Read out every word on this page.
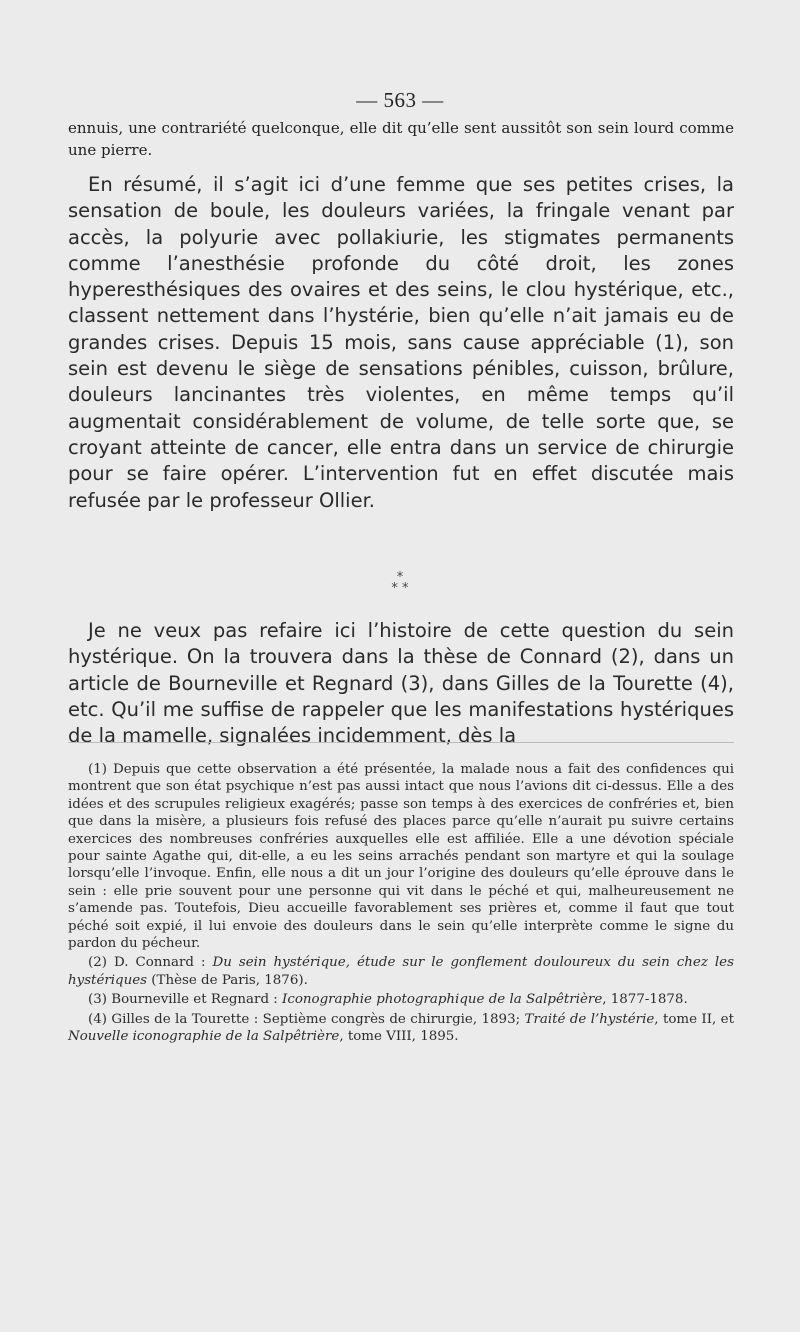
— 563 —

ennuis, une contrariété quelconque, elle dit qu’elle sent aussitôt son sein lourd comme une pierre.

En résumé, il s’agit ici d’une femme que ses petites crises, la sensation de boule, les douleurs variées, la fringale venant par accès, la polyurie avec pollakiurie, les stigmates permanents comme l’anesthésie profonde du côté droit, les zones hyperesthésiques des ovaires et des seins, le clou hystérique, etc., classent nettement dans l’hystérie, bien qu’elle n’ait jamais eu de grandes crises. Depuis 15 mois, sans cause appréciable (1), son sein est devenu le siège de sensations pénibles, cuisson, brûlure, douleurs lancinantes très violentes, en même temps qu’il augmentait considérablement de volume, de telle sorte que, se croyant atteinte de cancer, elle entra dans un service de chirurgie pour se faire opérer. L’intervention fut en effet discutée mais refusée par le professeur Ollier.

*
* *

Je ne veux pas refaire ici l’histoire de cette question du sein hystérique. On la trouvera dans la thèse de Connard (2), dans un article de Bourneville et Regnard (3), dans Gilles de la Tourette (4), etc. Qu’il me suffise de rappeler que les manifestations hystériques de la mamelle, signalées incidemment, dès la

(1) Depuis que cette observation a été présentée, la malade nous a fait des confidences qui montrent que son état psychique n’est pas aussi intact que nous l’avions dit ci-dessus. Elle a des idées et des scrupules religieux exagérés; passe son temps à des exercices de confréries et, bien que dans la misère, a plusieurs fois refusé des places parce qu’elle n’aurait pu suivre certains exercices des nombreuses confréries auxquelles elle est affiliée. Elle a une dévotion spéciale pour sainte Agathe qui, dit-elle, a eu les seins arrachés pendant son martyre et qui la soulage lorsqu’elle l’invoque. Enfin, elle nous a dit un jour l’origine des douleurs qu’elle éprouve dans le sein : elle prie souvent pour une personne qui vit dans le péché et qui, malheureusement ne s’amende pas. Toutefois, Dieu accueille favorablement ses prières et, comme il faut que tout péché soit expié, il lui envoie des douleurs dans le sein qu’elle interprète comme le signe du pardon du pécheur.

(2) D. Connard : Du sein hystérique, étude sur le gonflement douloureux du sein chez les hystériques (Thèse de Paris, 1876).

(3) Bourneville et Regnard : Iconographie photographique de la Salpêtrière, 1877-1878.

(4) Gilles de la Tourette : Septième congrès de chirurgie, 1893; Traité de l’hystérie, tome II, et Nouvelle iconographie de la Salpêtrière, tome VIII, 1895.
